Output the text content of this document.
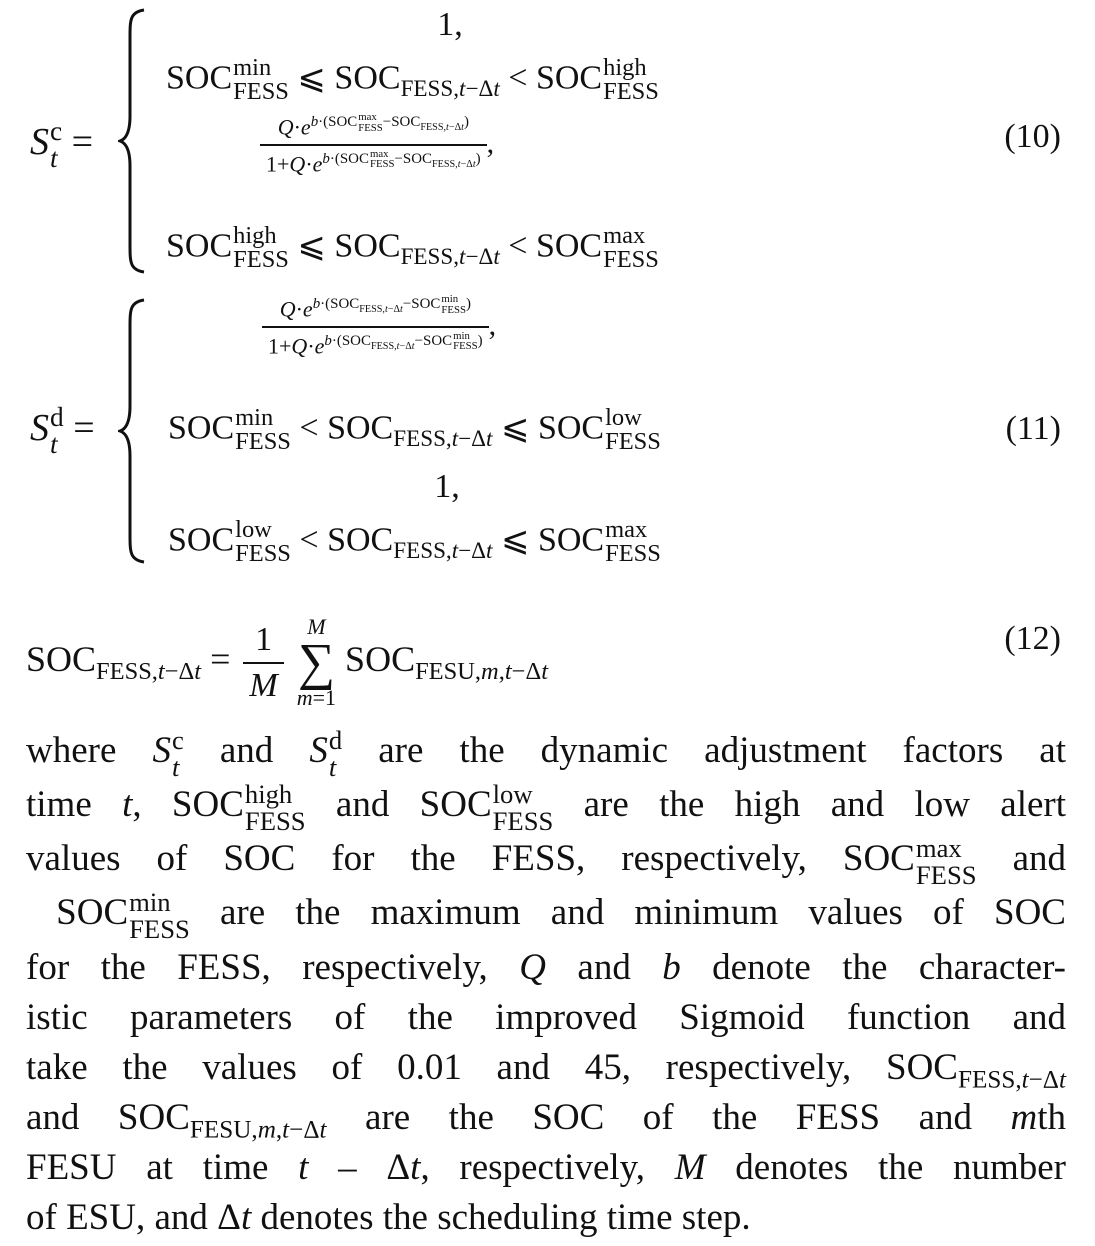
S c
t =
1,
SOC min
FESS ⩽ $SOC_{FESS,t-\Delta t}$ < SOC high
FESS
$Q\cdot e^{b\cdot(SOC max FESS -SOC_{FESS,t-\Delta t})}$
$1+Q\cdot e^{b\cdot(SOC max FESS -SOC_{FESS,t-\Delta t})}$ ,
SOC high
FESS ⩽ $SOC_{FESS,t-\Delta t}$ < SOC max
FESS
(10)
S d
t =
$Q\cdot e^{b\cdot(SOC_{FESS,t-\Delta t}-SOC min FESS )}$
$1+Q\cdot e^{b\cdot(SOC_{FESS,t-\Delta t}-SOC min FESS )}$ ,
SOC min
FESS < $SOC_{FESS,t-\Delta t}$ ⩽ SOC low
FESS
1,
SOC low
FESS < $SOC_{FESS,t-\Delta t}$ ⩽ SOC max
FESS
(11)
$SOC_{FESS,t-\Delta t} = \frac{1}{M}$
M
∑
m=1
$SOC_{FESU,m,t-\Delta t}$
(12)
where S c
t and S d
t are the dynamic adjustment factors at
time t, SOC high
FESS and SOC low
FESS are the high and low alert
values of SOC for the FESS, respectively, SOC max
FESS and
SOC min
FESS are the maximum and minimum values of SOC
for the FESS, respectively, Q and b denote the character-
istic parameters of the improved Sigmoid function and
take the values of 0.01 and 45, respectively, $SOC_{FESS,t-\Delta t}$
and $SOC_{FESU,m,t-\Delta t}$ are the SOC of the FESS and mth
FESU at time t – Δt, respectively, M denotes the number
of ESU, and Δt denotes the scheduling time step.
